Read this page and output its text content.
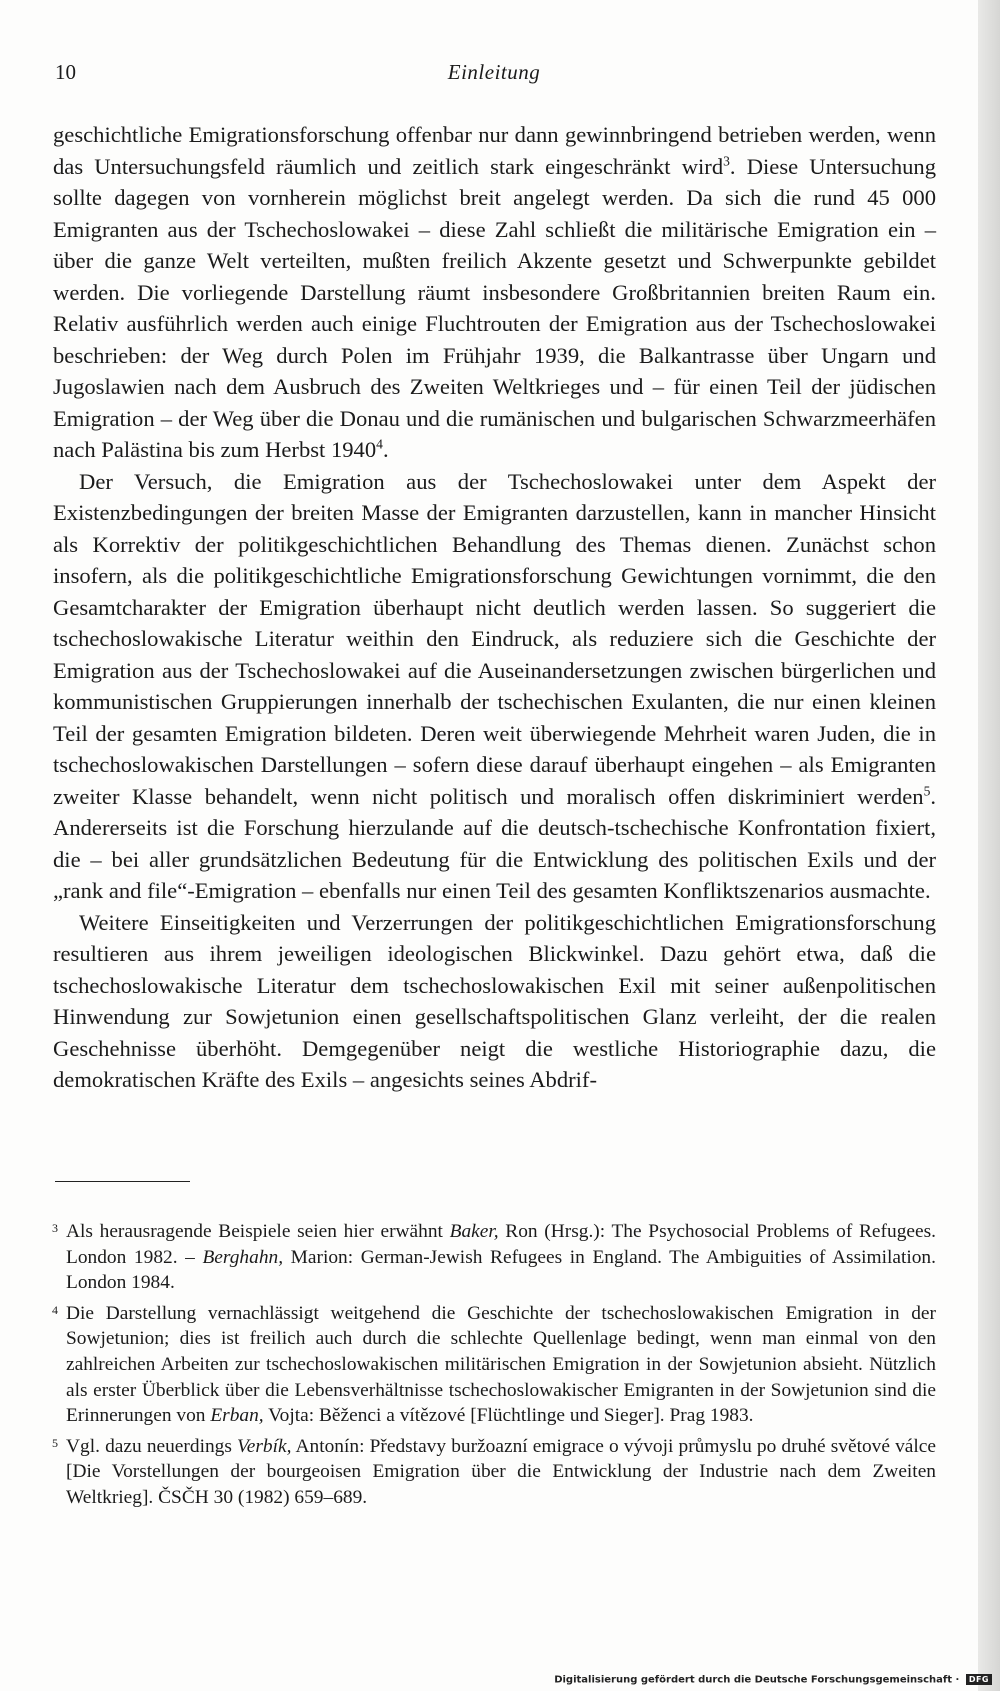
10	Einleitung

geschichtliche Emigrationsforschung offenbar nur dann gewinnbringend betrieben werden, wenn das Untersuchungsfeld räumlich und zeitlich stark eingeschränkt wird$^3$. Diese Untersuchung sollte dagegen von vornherein möglichst breit angelegt werden. Da sich die rund 45 000 Emigranten aus der Tschechoslowakei – diese Zahl schließt die militärische Emigration ein – über die ganze Welt verteilten, mußten freilich Akzente gesetzt und Schwerpunkte gebildet werden. Die vorliegende Darstellung räumt insbesondere Großbritannien breiten Raum ein. Relativ ausführlich werden auch einige Fluchtrouten der Emigration aus der Tschechoslowakei beschrieben: der Weg durch Polen im Frühjahr 1939, die Balkantrasse über Ungarn und Jugoslawien nach dem Ausbruch des Zweiten Weltkrieges und – für einen Teil der jüdischen Emigration – der Weg über die Donau und die rumänischen und bulgarischen Schwarzmeerhäfen nach Palästina bis zum Herbst 1940$^4$.

Der Versuch, die Emigration aus der Tschechoslowakei unter dem Aspekt der Existenzbedingungen der breiten Masse der Emigranten darzustellen, kann in mancher Hinsicht als Korrektiv der politikgeschichtlichen Behandlung des Themas dienen. Zunächst schon insofern, als die politikgeschichtliche Emigrationsforschung Gewichtungen vornimmt, die den Gesamtcharakter der Emigration überhaupt nicht deutlich werden lassen. So suggeriert die tschechoslowakische Literatur weithin den Eindruck, als reduziere sich die Geschichte der Emigration aus der Tschechoslowakei auf die Auseinandersetzungen zwischen bürgerlichen und kommunistischen Gruppierungen innerhalb der tschechischen Exulanten, die nur einen kleinen Teil der gesamten Emigration bildeten. Deren weit überwiegende Mehrheit waren Juden, die in tschechoslowakischen Darstellungen – sofern diese darauf überhaupt eingehen – als Emigranten zweiter Klasse behandelt, wenn nicht politisch und moralisch offen diskriminiert werden$^5$. Andererseits ist die Forschung hierzulande auf die deutsch-tschechische Konfrontation fixiert, die – bei aller grundsätzlichen Bedeutung für die Entwicklung des politischen Exils und der „rank and file“-Emigration – ebenfalls nur einen Teil des gesamten Konfliktszenarios ausmachte.

Weitere Einseitigkeiten und Verzerrungen der politikgeschichtlichen Emigrationsforschung resultieren aus ihrem jeweiligen ideologischen Blickwinkel. Dazu gehört etwa, daß die tschechoslowakische Literatur dem tschechoslowakischen Exil mit seiner außenpolitischen Hinwendung zur Sowjetunion einen gesellschaftspolitischen Glanz verleiht, der die realen Geschehnisse überhöht. Demgegenüber neigt die westliche Historiographie dazu, die demokratischen Kräfte des Exils – angesichts seines Abdrif-

3 Als herausragende Beispiele seien hier erwähnt Baker, Ron (Hrsg.): The Psychosocial Problems of Refugees. London 1982. – Berghahn, Marion: German-Jewish Refugees in England. The Ambiguities of Assimilation. London 1984.
4 Die Darstellung vernachlässigt weitgehend die Geschichte der tschechoslowakischen Emigration in der Sowjetunion; dies ist freilich auch durch die schlechte Quellenlage bedingt, wenn man einmal von den zahlreichen Arbeiten zur tschechoslowakischen militärischen Emigration in der Sowjetunion absieht. Nützlich als erster Überblick über die Lebensverhältnisse tschechoslowakischer Emigranten in der Sowjetunion sind die Erinnerungen von Erban, Vojta: Běženci a vítězové [Flüchtlinge und Sieger]. Prag 1983.
5 Vgl. dazu neuerdings Verbík, Antonín: Představy buržoazní emigrace o vývoji průmyslu po druhé světové válce [Die Vorstellungen der bourgeoisen Emigration über die Entwicklung der Industrie nach dem Zweiten Weltkrieg]. ČSČH 30 (1982) 659–689.
Digitalisierung gefördert durch die Deutsche Forschungsgemeinschaft · DFG
